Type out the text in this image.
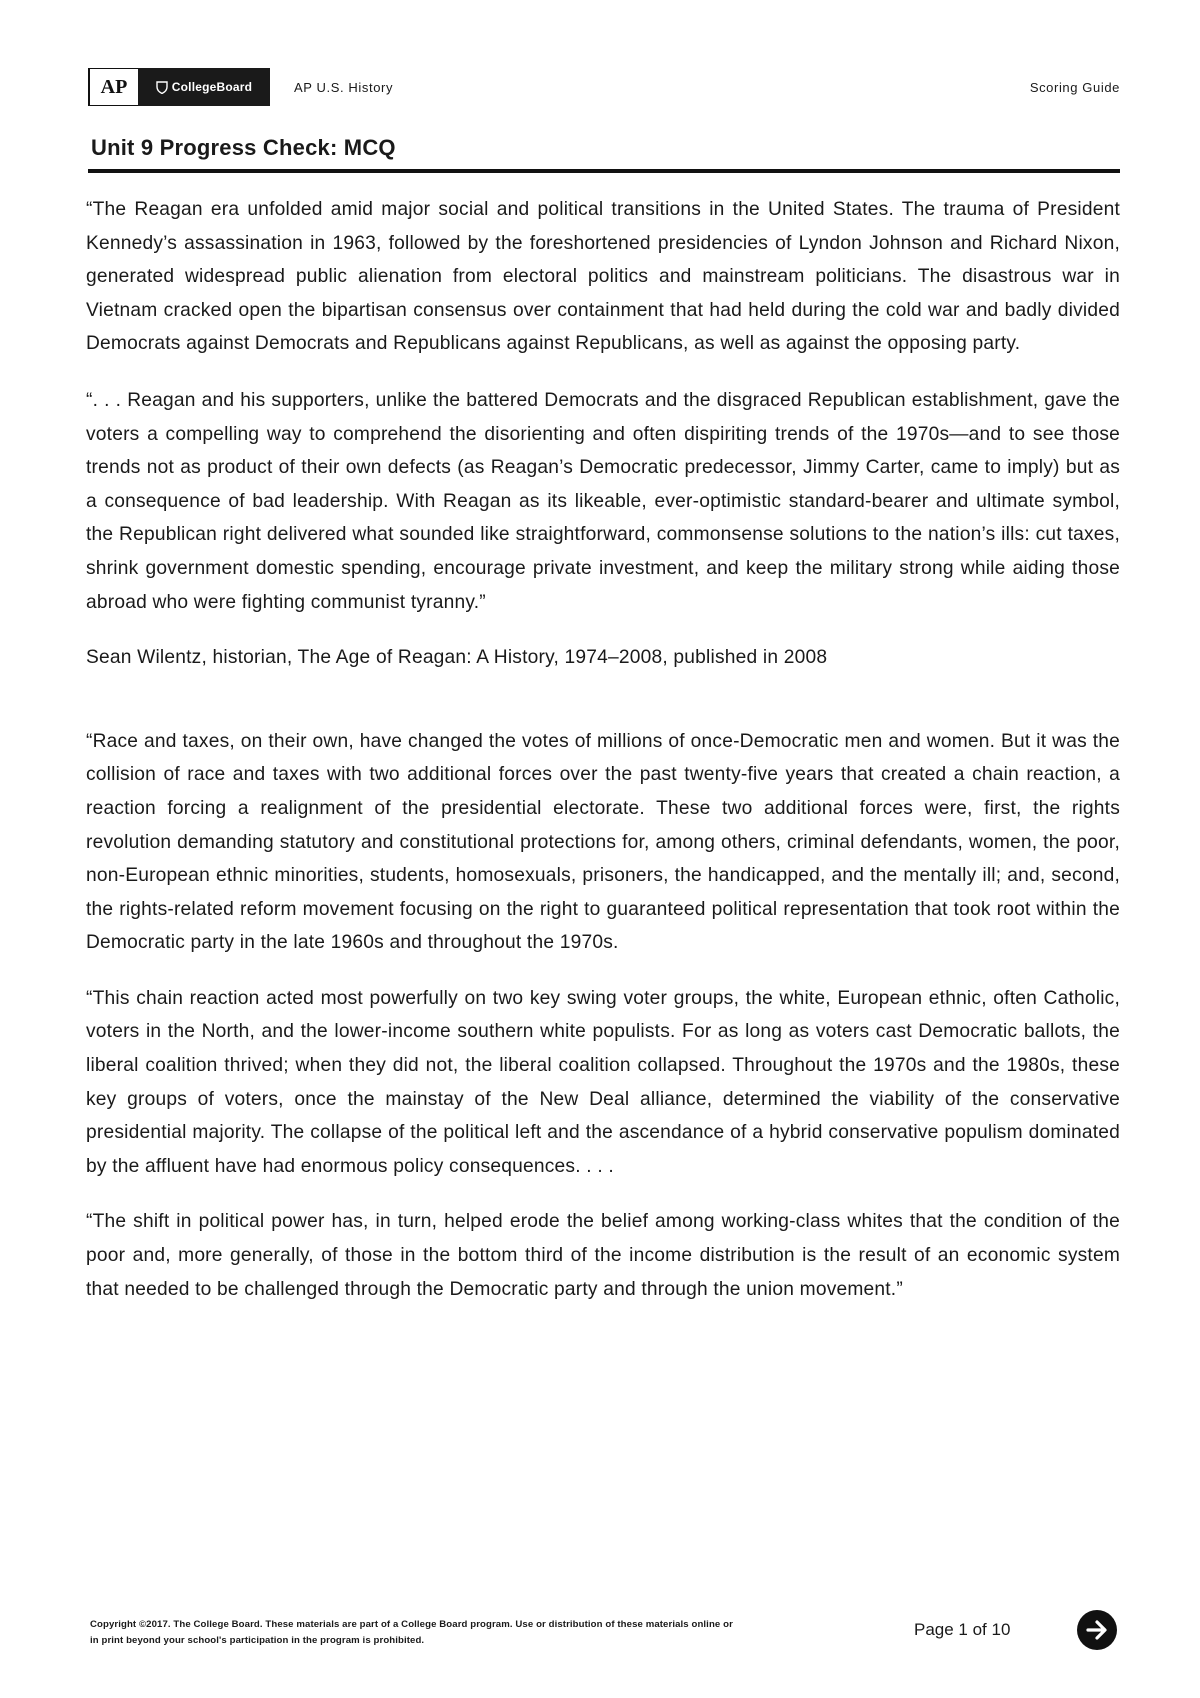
AP	CollegeBoard	AP U.S. History	Scoring Guide
Unit 9 Progress Check: MCQ

“The Reagan era unfolded amid major social and political transitions in the United States. The trauma of President Kennedy’s assassination in 1963, followed by the foreshortened presidencies of Lyndon Johnson and Richard Nixon, generated widespread public alienation from electoral politics and mainstream politicians. The disastrous war in Vietnam cracked open the bipartisan consensus over containment that had held during the cold war and badly divided Democrats against Democrats and Republicans against Republicans, as well as against the opposing party.

“. . . Reagan and his supporters, unlike the battered Democrats and the disgraced Republican establishment, gave the voters a compelling way to comprehend the disorienting and often dispiriting trends of the 1970s—and to see those trends not as product of their own defects (as Reagan’s Democratic predecessor, Jimmy Carter, came to imply) but as a consequence of bad leadership. With Reagan as its likeable, ever-optimistic standard-bearer and ultimate symbol, the Republican right delivered what sounded like straightforward, commonsense solutions to the nation’s ills: cut taxes, shrink government domestic spending, encourage private investment, and keep the military strong while aiding those abroad who were fighting communist tyranny.”

Sean Wilentz, historian, The Age of Reagan: A History, 1974–2008, published in 2008

“Race and taxes, on their own, have changed the votes of millions of once-Democratic men and women. But it was the collision of race and taxes with two additional forces over the past twenty-five years that created a chain reaction, a reaction forcing a realignment of the presidential electorate. These two additional forces were, first, the rights revolution demanding statutory and constitutional protections for, among others, criminal defendants, women, the poor, non-European ethnic minorities, students, homosexuals, prisoners, the handicapped, and the mentally ill; and, second, the rights-related reform movement focusing on the right to guaranteed political representation that took root within the Democratic party in the late 1960s and throughout the 1970s.

“This chain reaction acted most powerfully on two key swing voter groups, the white, European ethnic, often Catholic, voters in the North, and the lower-income southern white populists. For as long as voters cast Democratic ballots, the liberal coalition thrived; when they did not, the liberal coalition collapsed. Throughout the 1970s and the 1980s, these key groups of voters, once the mainstay of the New Deal alliance, determined the viability of the conservative presidential majority. The collapse of the political left and the ascendance of a hybrid conservative populism dominated by the affluent have had enormous policy consequences. . . .

“The shift in political power has, in turn, helped erode the belief among working-class whites that the condition of the poor and, more generally, of those in the bottom third of the income distribution is the result of an economic system that needed to be challenged through the Democratic party and through the union movement.”

Copyright ©2017. The College Board. These materials are part of a College Board program. Use or distribution of these materials online or
in print beyond your school's participation in the program is prohibited.
Page 1 of 10
